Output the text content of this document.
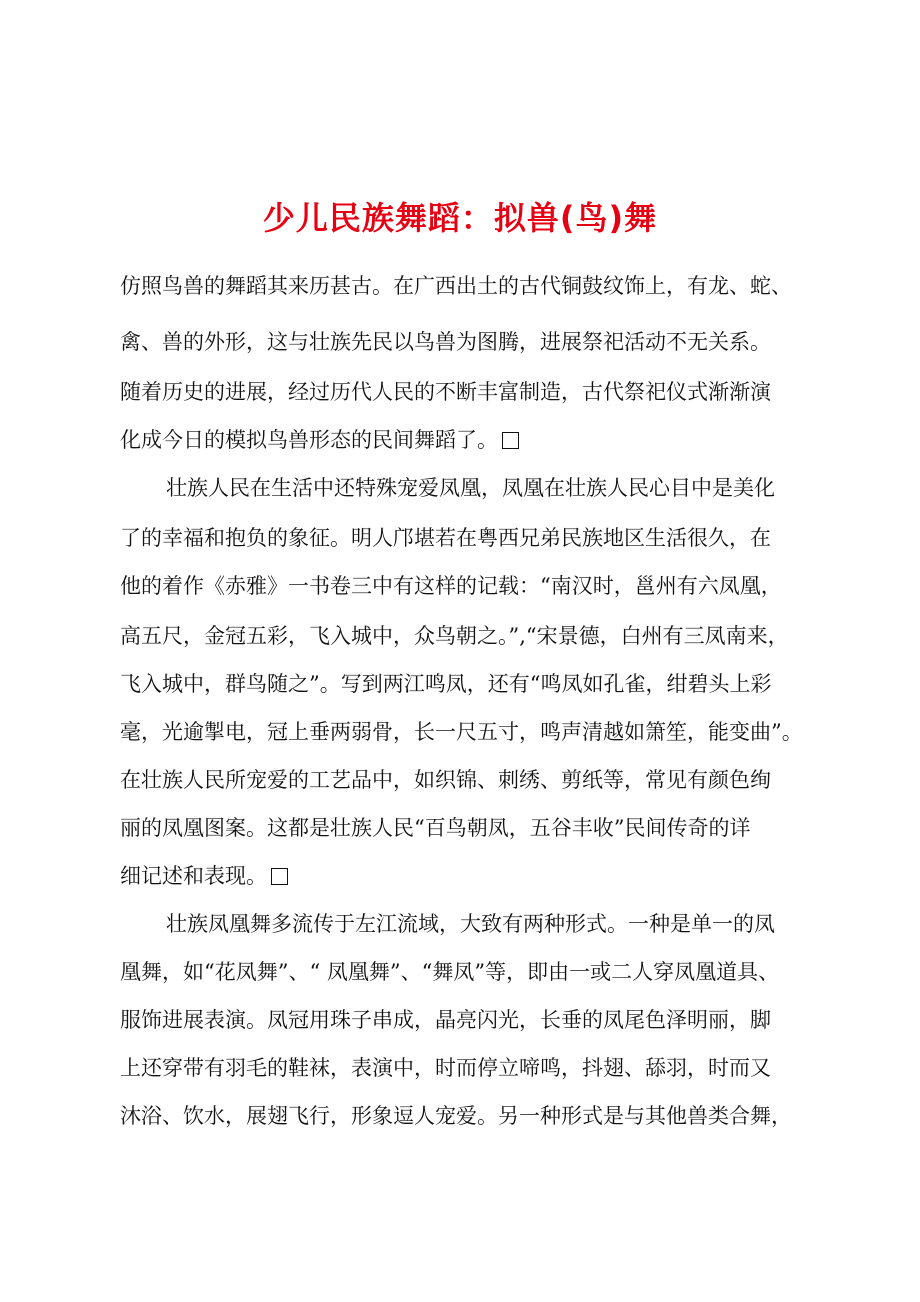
少儿民族舞蹈：拟兽(鸟)舞

仿照鸟兽的舞蹈其来历甚古。在广西出土的古代铜鼓纹饰上，有龙、蛇、

禽、兽的外形，这与壮族先民以鸟兽为图腾，进展祭祀活动不无关系。

随着历史的进展，经过历代人民的不断丰富制造，古代祭祀仪式渐渐演

化成今日的模拟鸟兽形态的民间舞蹈了。

壮族人民在生活中还特殊宠爱凤凰，凤凰在壮族人民心目中是美化

了的幸福和抱负的象征。明人邝堪若在粤西兄弟民族地区生活很久，在

他的着作《赤雅》一书卷三中有这样的记载：“南汉时，邕州有六凤凰，

高五尺，金冠五彩，飞入城中，众鸟朝之。”,“宋景德，白州有三凤南来，

飞入城中，群鸟随之”。写到两江鸣凤，还有“鸣凤如孔雀，绀碧头上彩

毫，光逾掣电，冠上垂两弱骨，长一尺五寸，鸣声清越如箫笙，能变曲”。

在壮族人民所宠爱的工艺品中，如织锦、刺绣、剪纸等，常见有颜色绚

丽的凤凰图案。这都是壮族人民“百鸟朝凤，五谷丰收”民间传奇的详

细记述和表现。

壮族凤凰舞多流传于左江流域，大致有两种形式。一种是单一的凤

凰舞，如“花凤舞”、“ 凤凰舞”、“舞凤”等，即由一或二人穿凤凰道具、

服饰进展表演。凤冠用珠子串成，晶亮闪光，长垂的凤尾色泽明丽，脚

上还穿带有羽毛的鞋袜，表演中，时而停立啼鸣，抖翅、舔羽，时而又

沐浴、饮水，展翅飞行，形象逗人宠爱。另一种形式是与其他兽类合舞，
